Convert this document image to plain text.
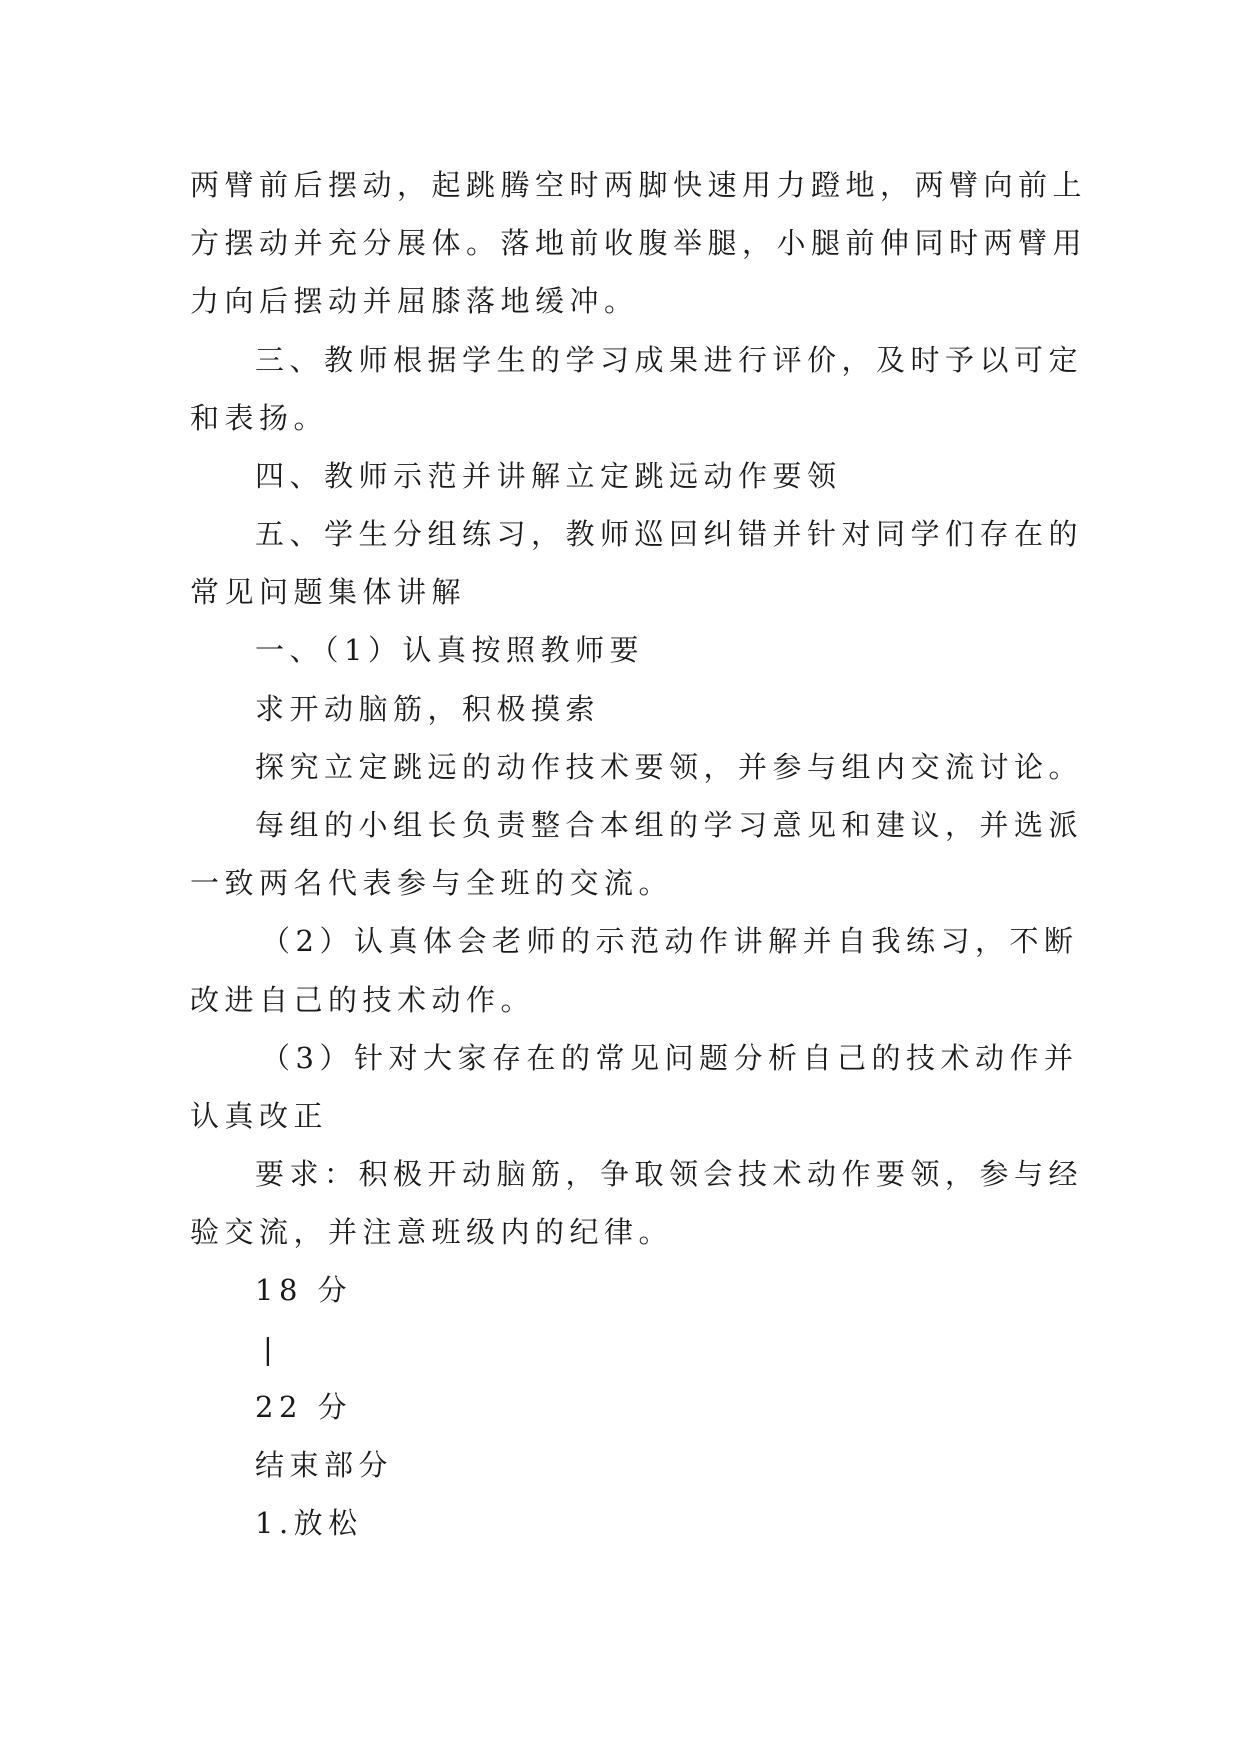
两臂前后摆动，起跳腾空时两脚快速用力蹬地，两臂向前上
方摆动并充分展体。落地前收腹举腿，小腿前伸同时两臂用
力向后摆动并屈膝落地缓冲。
三、教师根据学生的学习成果进行评价，及时予以可定
和表扬。
四、教师示范并讲解立定跳远动作要领
五、学生分组练习，教师巡回纠错并针对同学们存在的
常见问题集体讲解
一、（1）认真按照教师要
求开动脑筋，积极摸索
探究立定跳远的动作技术要领，并参与组内交流讨论。
每组的小组长负责整合本组的学习意见和建议，并选派
一致两名代表参与全班的交流。
（2）认真体会老师的示范动作讲解并自我练习，不断
改进自己的技术动作。
（3）针对大家存在的常见问题分析自己的技术动作并
认真改正
要求：积极开动脑筋，争取领会技术动作要领，参与经
验交流，并注意班级内的纪律。
18 分
|
22 分
结束部分
1.放松
